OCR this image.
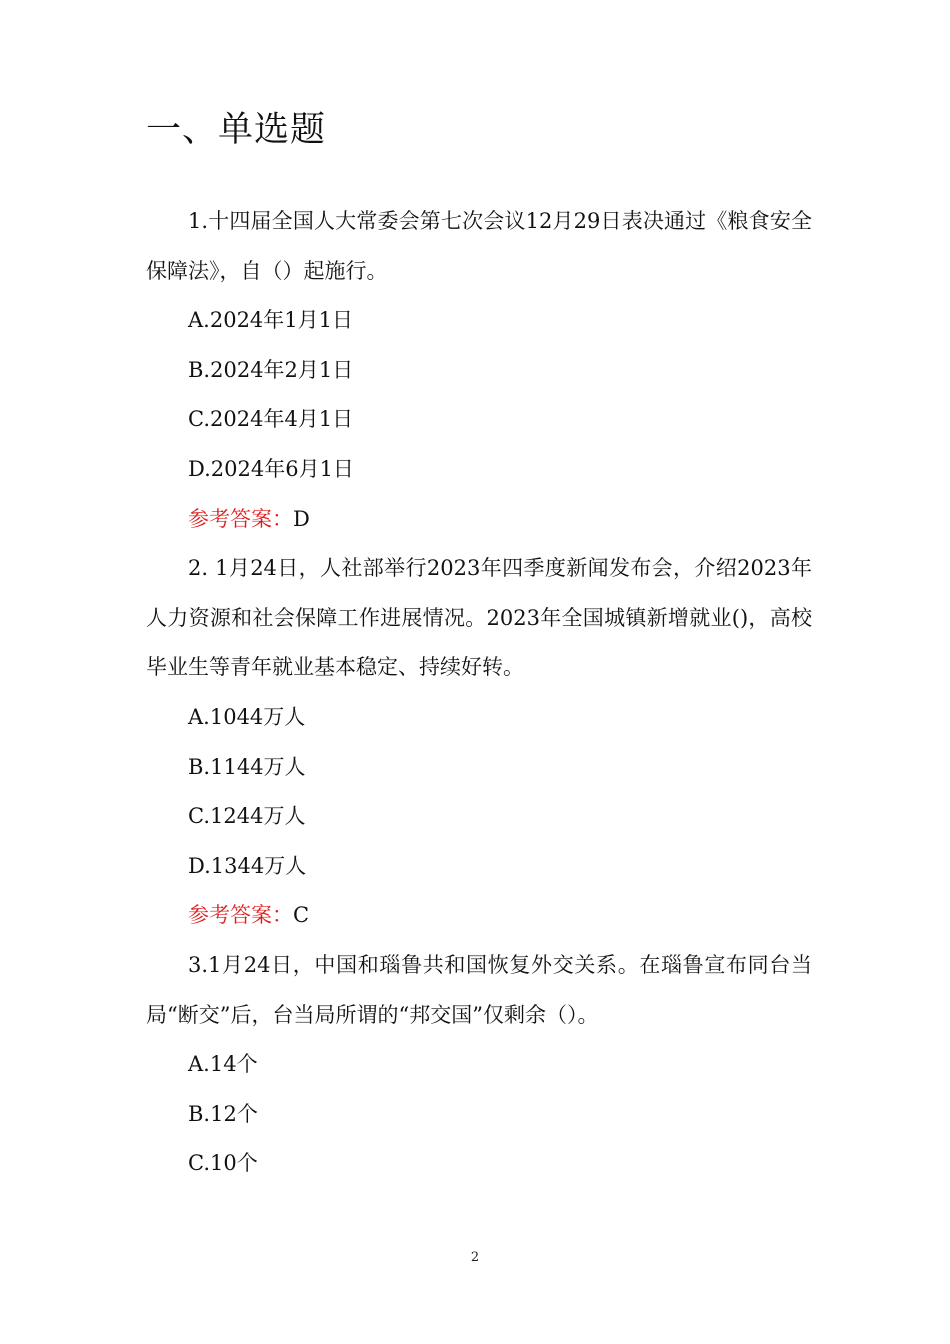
一、单选题

1.十四届全国人大常委会第七次会议12月29日表决通过《粮食安全保障法》，自（）起施行。

A.2024年1月1日

B.2024年2月1日

C.2024年4月1日

D.2024年6月1日

参考答案：D

2. 1月24日，人社部举行2023年四季度新闻发布会，介绍2023年人力资源和社会保障工作进展情况。2023年全国城镇新增就业()，高校毕业生等青年就业基本稳定、持续好转。

A.1044万人

B.1144万人

C.1244万人

D.1344万人

参考答案：C

3.1月24日，中国和瑙鲁共和国恢复外交关系。在瑙鲁宣布同台当局“断交”后，台当局所谓的“邦交国”仅剩余（）。

A.14个

B.12个

C.10个

2
